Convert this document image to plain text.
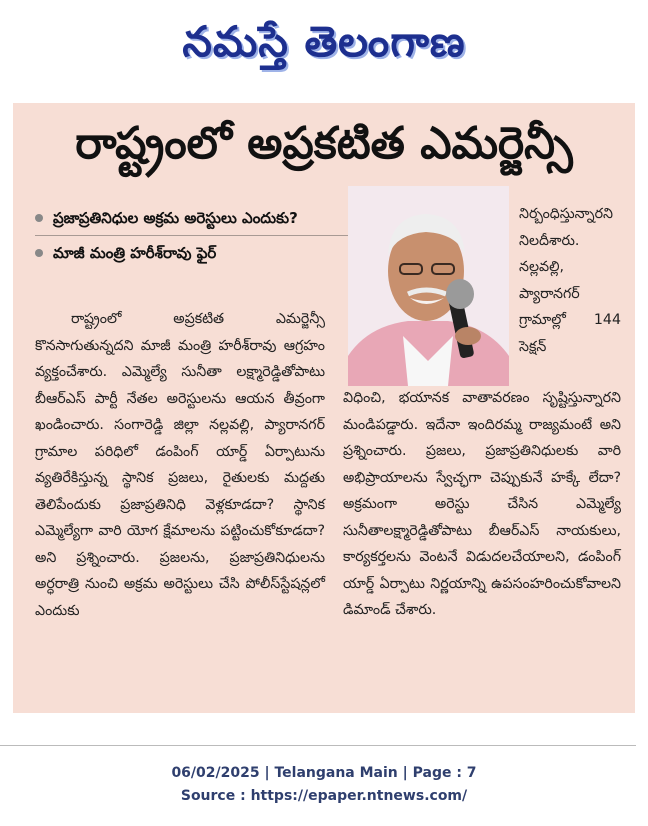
నమస్తే తెలంగాణ
రాష్ట్రంలో అప్రకటిత ఎమర్జెన్సీ
ప్రజాప్రతినిధుల అక్రమ అరెస్టులు ఎందుకు?
మాజీ మంత్రి హరీశ్‌రావు ఫైర్
రాష్ట్రంలో అప్రకటిత ఎమర్జెన్సీ కొనసాగుతున్నదని మాజీ మంత్రి హరీశ్‌రావు ఆగ్రహం వ్యక్తంచేశారు. ఎమ్మెల్యే సునీతా లక్ష్మారెడ్డితోపాటు బీఆర్‌ఎస్ పార్టీ నేతల అరెస్టులను ఆయన తీవ్రంగా ఖండించారు. సంగారెడ్డి జిల్లా నల్లవల్లి, ప్యారానగర్ గ్రామాల పరిధిలో డంపింగ్ యార్డ్ ఏర్పాటును వ్యతిరేకిస్తున్న స్థానిక ప్రజలు, రైతులకు మద్దతు తెలిపేందుకు ప్రజాప్రతినిధి వెళ్లకూడదా? స్థానిక ఎమ్మెల్యేగా వారి యోగ క్షేమాలను పట్టించుకోకూడదా? అని ప్రశ్నించారు. ప్రజలను, ప్రజాప్రతినిధులను అర్ధరాత్రి నుంచి అక్రమ అరెస్టులు చేసి పోలీస్‌స్టేషన్లలో ఎందుకు
నిర్బంధిస్తున్నారని నిలదీశారు. నల్లవల్లి, ప్యారానగర్ గ్రామాల్లో 144 సెక్షన్
విధించి, భయానక వాతావరణం సృష్టిస్తున్నారని మండిపడ్డారు. ఇదేనా ఇందిరమ్మ రాజ్యమంటే అని ప్రశ్నించారు. ప్రజలు, ప్రజాప్రతినిధులకు వారి అభిప్రాయాలను స్వేచ్ఛగా చెప్పుకునే హక్కే లేదా? అక్రమంగా అరెస్టు చేసిన ఎమ్మెల్యే సునీతాలక్ష్మారెడ్డితోపాటు బీఆర్‌ఎస్ నాయకులు, కార్యకర్తలను వెంటనే విడుదలచేయాలని, డంపింగ్ యార్డ్ ఏర్పాటు నిర్ణయాన్ని ఉపసంహరించుకోవాలని డిమాండ్ చేశారు.
06/02/2025 | Telangana Main | Page : 7
Source : https://epaper.ntnews.com/
